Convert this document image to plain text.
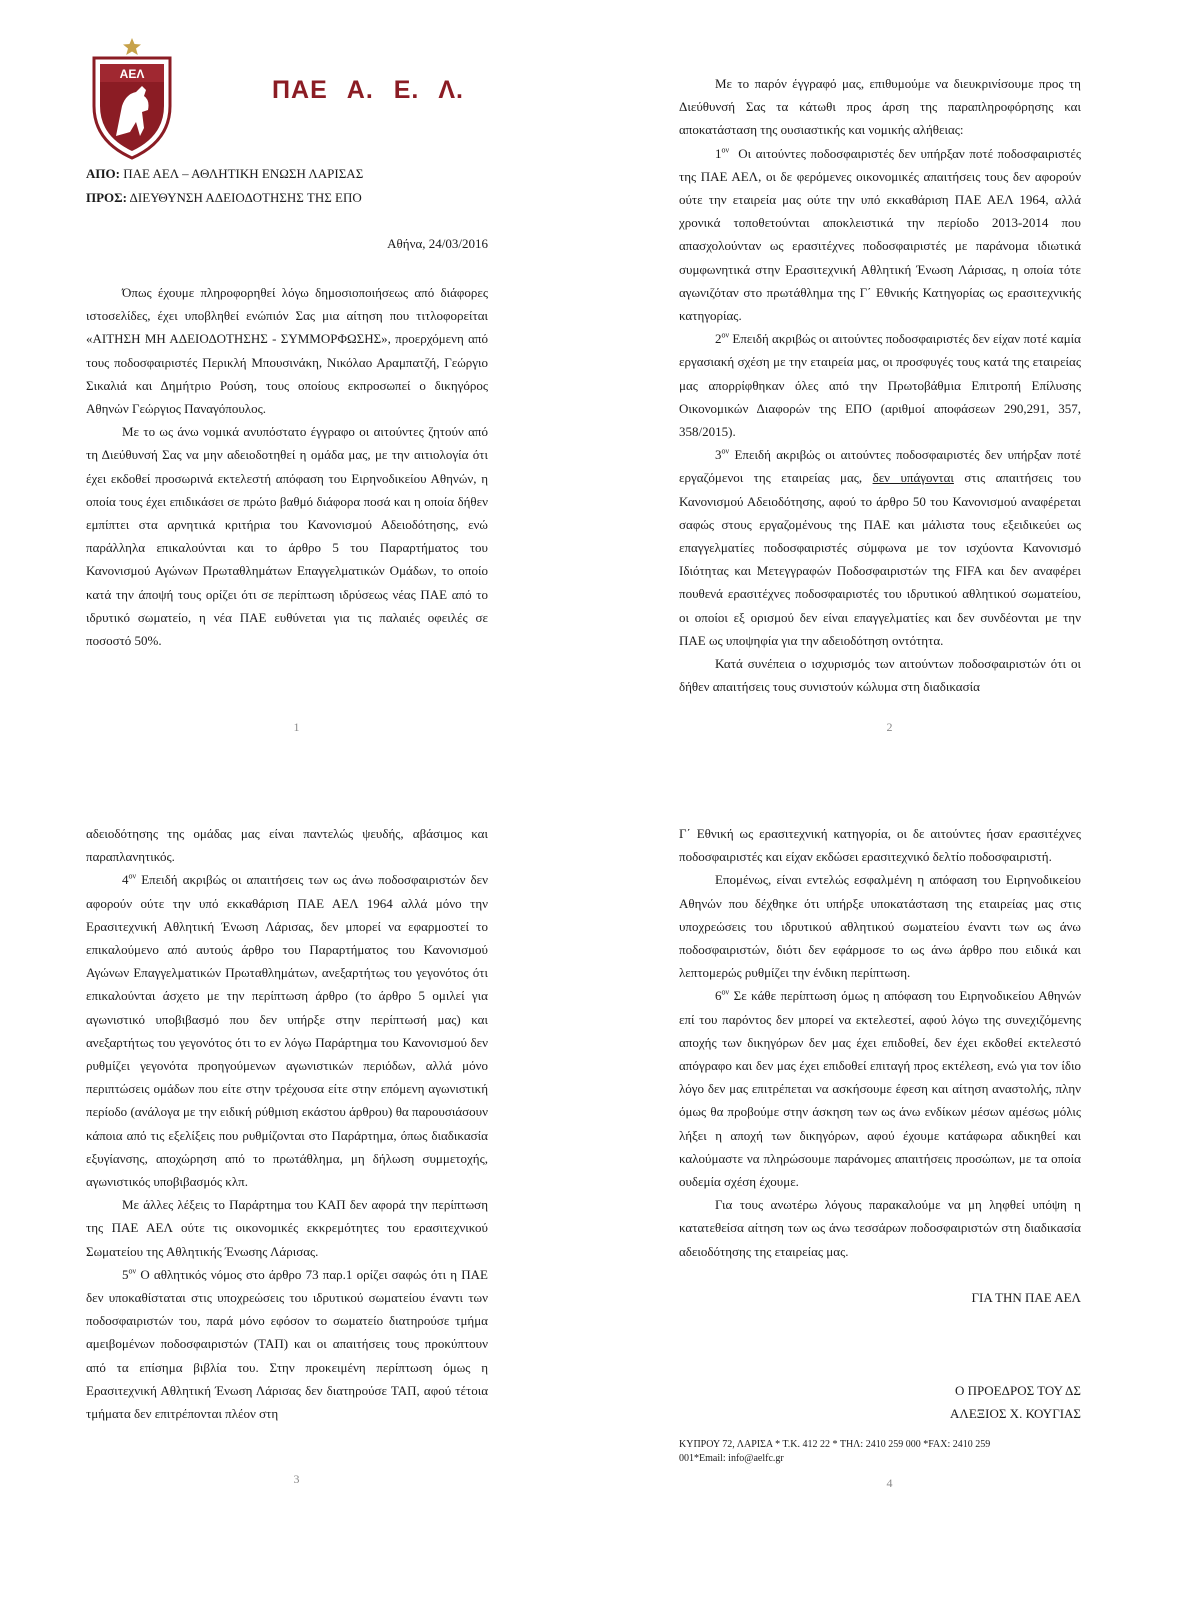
ΑΕΛ
ΠΑΕ Α. Ε. Λ.
ΑΠΟ: ΠΑΕ ΑΕΛ – ΑΘΛΗΤΙΚΗ ΕΝΩΣΗ ΛΑΡΙΣΑΣ
ΠΡΟΣ: ΔΙΕΥΘΥΝΣΗ ΑΔΕΙΟΔΟΤΗΣΗΣ ΤΗΣ ΕΠΟ
Αθήνα, 24/03/2016

Όπως έχουμε πληροφορηθεί λόγω δημοσιοποιήσεως από διάφορες ιστοσελίδες, έχει υποβληθεί ενώπιόν Σας μια αίτηση που τιτλοφορείται «ΑΙΤΗΣΗ ΜΗ ΑΔΕΙΟΔΟΤΗΣΗΣ - ΣΥΜΜΟΡΦΩΣΗΣ», προερχόμενη από τους ποδοσφαιριστές Περικλή Μπουσινάκη, Νικόλαο Αραμπατζή, Γεώργιο Σικαλιά και Δημήτριο Ρούση, τους οποίους εκπροσωπεί ο δικηγόρος Αθηνών Γεώργιος Παναγόπουλος.

Με το ως άνω νομικά ανυπόστατο έγγραφο οι αιτούντες ζητούν από τη Διεύθυνσή Σας να μην αδειοδοτηθεί η ομάδα μας, με την αιτιολογία ότι έχει εκδοθεί προσωρινά εκτελεστή απόφαση του Ειρηνοδικείου Αθηνών, η οποία τους έχει επιδικάσει σε πρώτο βαθμό διάφορα ποσά και η οποία δήθεν εμπίπτει στα αρνητικά κριτήρια του Κανονισμού Αδειοδότησης, ενώ παράλληλα επικαλούνται και το άρθρο 5 του Παραρτήματος του Κανονισμού Αγώνων Πρωταθλημάτων Επαγγελματικών Ομάδων, το οποίο κατά την άποψή τους ορίζει ότι σε περίπτωση ιδρύσεως νέας ΠΑΕ από το ιδρυτικό σωματείο, η νέα ΠΑΕ ευθύνεται για τις παλαιές οφειλές σε ποσοστό 50%.

1

Με το παρόν έγγραφό μας, επιθυμούμε να διευκρινίσουμε προς τη Διεύθυνσή Σας τα κάτωθι προς άρση της παραπληροφόρησης και αποκατάσταση της ουσιαστικής και νομικής αλήθειας:

$1^{o\nu}$ Οι αιτούντες ποδοσφαιριστές δεν υπήρξαν ποτέ ποδοσφαιριστές της ΠΑΕ ΑΕΛ, οι δε φερόμενες οικονομικές απαιτήσεις τους δεν αφορούν ούτε την εταιρεία μας ούτε την υπό εκκαθάριση ΠΑΕ ΑΕΛ 1964, αλλά χρονικά τοποθετούνται αποκλειστικά την περίοδο 2013-2014 που απασχολούνταν ως ερασιτέχνες ποδοσφαιριστές με παράνομα ιδιωτικά συμφωνητικά στην Ερασιτεχνική Αθλητική Ένωση Λάρισας, η οποία τότε αγωνιζόταν στο πρωτάθλημα της Γ΄ Εθνικής Κατηγορίας ως ερασιτεχνικής κατηγορίας.

$2^{o\nu}$ Επειδή ακριβώς οι αιτούντες ποδοσφαιριστές δεν είχαν ποτέ καμία εργασιακή σχέση με την εταιρεία μας, οι προσφυγές τους κατά της εταιρείας μας απορρίφθηκαν όλες από την Πρωτοβάθμια Επιτροπή Επίλυσης Οικονομικών Διαφορών της ΕΠΟ (αριθμοί αποφάσεων 290,291, 357, 358/2015).

$3^{o\nu}$ Επειδή ακριβώς οι αιτούντες ποδοσφαιριστές δεν υπήρξαν ποτέ εργαζόμενοι της εταιρείας μας, δεν υπάγονται στις απαιτήσεις του Κανονισμού Αδειοδότησης, αφού το άρθρο 50 του Κανονισμού αναφέρεται σαφώς στους εργαζομένους της ΠΑΕ και μάλιστα τους εξειδικεύει ως επαγγελματίες ποδοσφαιριστές σύμφωνα με τον ισχύοντα Κανονισμό Ιδιότητας και Μετεγγραφών Ποδοσφαιριστών της FIFA και δεν αναφέρει πουθενά ερασιτέχνες ποδοσφαιριστές του ιδρυτικού αθλητικού σωματείου, οι οποίοι εξ ορισμού δεν είναι επαγγελματίες και δεν συνδέονται με την ΠΑΕ ως υποψηφία για την αδειοδότηση οντότητα.

Κατά συνέπεια ο ισχυρισμός των αιτούντων ποδοσφαιριστών ότι οι δήθεν απαιτήσεις τους συνιστούν κώλυμα στη διαδικασία

2

αδειοδότησης της ομάδας μας είναι παντελώς ψευδής, αβάσιμος και παραπλανητικός.

$4^{o\nu}$ Επειδή ακριβώς οι απαιτήσεις των ως άνω ποδοσφαιριστών δεν αφορούν ούτε την υπό εκκαθάριση ΠΑΕ ΑΕΛ 1964 αλλά μόνο την Ερασιτεχνική Αθλητική Ένωση Λάρισας, δεν μπορεί να εφαρμοστεί το επικαλούμενο από αυτούς άρθρο του Παραρτήματος του Κανονισμού Αγώνων Επαγγελματικών Πρωταθλημάτων, ανεξαρτήτως του γεγονότος ότι επικαλούνται άσχετο με την περίπτωση άρθρο (το άρθρο 5 ομιλεί για αγωνιστικό υποβιβασμό που δεν υπήρξε στην περίπτωσή μας) και ανεξαρτήτως του γεγονότος ότι το εν λόγω Παράρτημα του Κανονισμού δεν ρυθμίζει γεγονότα προηγούμενων αγωνιστικών περιόδων, αλλά μόνο περιπτώσεις ομάδων που είτε στην τρέχουσα είτε στην επόμενη αγωνιστική περίοδο (ανάλογα με την ειδική ρύθμιση εκάστου άρθρου) θα παρουσιάσουν κάποια από τις εξελίξεις που ρυθμίζονται στο Παράρτημα, όπως διαδικασία εξυγίανσης, αποχώρηση από το πρωτάθλημα, μη δήλωση συμμετοχής, αγωνιστικός υποβιβασμός κλπ.

Με άλλες λέξεις το Παράρτημα του ΚΑΠ δεν αφορά την περίπτωση της ΠΑΕ ΑΕΛ ούτε τις οικονομικές εκκρεμότητες του ερασιτεχνικού Σωματείου της Αθλητικής Ένωσης Λάρισας.

$5^{o\nu}$ Ο αθλητικός νόμος στο άρθρο 73 παρ.1 ορίζει σαφώς ότι η ΠΑΕ δεν υποκαθίσταται στις υποχρεώσεις του ιδρυτικού σωματείου έναντι των ποδοσφαιριστών του, παρά μόνο εφόσον το σωματείο διατηρούσε τμήμα αμειβομένων ποδοσφαιριστών (ΤΑΠ) και οι απαιτήσεις τους προκύπτουν από τα επίσημα βιβλία του. Στην προκειμένη περίπτωση όμως η Ερασιτεχνική Αθλητική Ένωση Λάρισας δεν διατηρούσε ΤΑΠ, αφού τέτοια τμήματα δεν επιτρέπονται πλέον στη

3

Γ΄ Εθνική ως ερασιτεχνική κατηγορία, οι δε αιτούντες ήσαν ερασιτέχνες ποδοσφαιριστές και είχαν εκδώσει ερασιτεχνικό δελτίο ποδοσφαιριστή.

Επομένως, είναι εντελώς εσφαλμένη η απόφαση του Ειρηνοδικείου Αθηνών που δέχθηκε ότι υπήρξε υποκατάσταση της εταιρείας μας στις υποχρεώσεις του ιδρυτικού αθλητικού σωματείου έναντι των ως άνω ποδοσφαιριστών, διότι δεν εφάρμοσε το ως άνω άρθρο που ειδικά και λεπτομερώς ρυθμίζει την ένδικη περίπτωση.

$6^{o\nu}$ Σε κάθε περίπτωση όμως η απόφαση του Ειρηνοδικείου Αθηνών επί του παρόντος δεν μπορεί να εκτελεστεί, αφού λόγω της συνεχιζόμενης αποχής των δικηγόρων δεν μας έχει επιδοθεί, δεν έχει εκδοθεί εκτελεστό απόγραφο και δεν μας έχει επιδοθεί επιταγή προς εκτέλεση, ενώ για τον ίδιο λόγο δεν μας επιτρέπεται να ασκήσουμε έφεση και αίτηση αναστολής, πλην όμως θα προβούμε στην άσκηση των ως άνω ενδίκων μέσων αμέσως μόλις λήξει η αποχή των δικηγόρων, αφού έχουμε κατάφωρα αδικηθεί και καλούμαστε να πληρώσουμε παράνομες απαιτήσεις προσώπων, με τα οποία ουδεμία σχέση έχουμε.

Για τους ανωτέρω λόγους παρακαλούμε να μη ληφθεί υπόψη η κατατεθείσα αίτηση των ως άνω τεσσάρων ποδοσφαιριστών στη διαδικασία αδειοδότησης της εταιρείας μας.

ΓΙΑ ΤΗΝ ΠΑΕ ΑΕΛ
Ο ΠΡΟΕΔΡΟΣ ΤΟΥ ΔΣ
ΑΛΕΞΙΟΣ Χ. ΚΟΥΓΙΑΣ
ΚΥΠΡΟΥ 72, ΛΑΡΙΣΑ * Τ.Κ. 412 22 * ΤΗΛ: 2410 259 000 *FAX: 2410 259 001*Email: info@aelfc.gr
4
